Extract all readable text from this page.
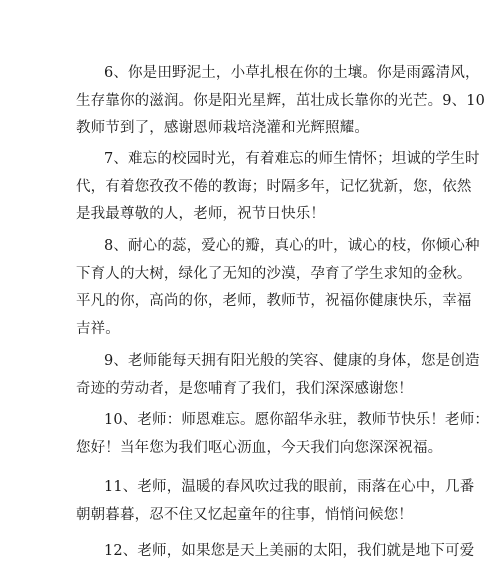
6、你是田野泥土，小草扎根在你的土壤。你是雨露清风，
生存靠你的滋润。你是阳光星辉，茁壮成长靠你的光芒。9、10
教师节到了，感谢恩师栽培浇灌和光辉照耀。

7、难忘的校园时光，有着难忘的师生情怀；坦诚的学生时
代，有着您孜孜不倦的教诲；时隔多年，记忆犹新，您，依然
是我最尊敬的人，老师，祝节日快乐！

8、耐心的蕊，爱心的瓣，真心的叶，诚心的枝，你倾心种
下育人的大树，绿化了无知的沙漠，孕育了学生求知的金秋。
平凡的你，高尚的你，老师，教师节，祝福你健康快乐，幸福
吉祥。

9、老师能每天拥有阳光般的笑容、健康的身体，您是创造
奇迹的劳动者，是您哺育了我们，我们深深感谢您！

10、老师：师恩难忘。愿你韶华永驻，教师节快乐！老师：
您好！当年您为我们呕心沥血，今天我们向您深深祝福。

11、老师，温暖的春风吹过我的眼前，雨落在心中，几番
朝朝暮暮，忍不住又忆起童年的往事，悄悄问候您！

12、老师，如果您是天上美丽的太阳，我们就是地下可爱
